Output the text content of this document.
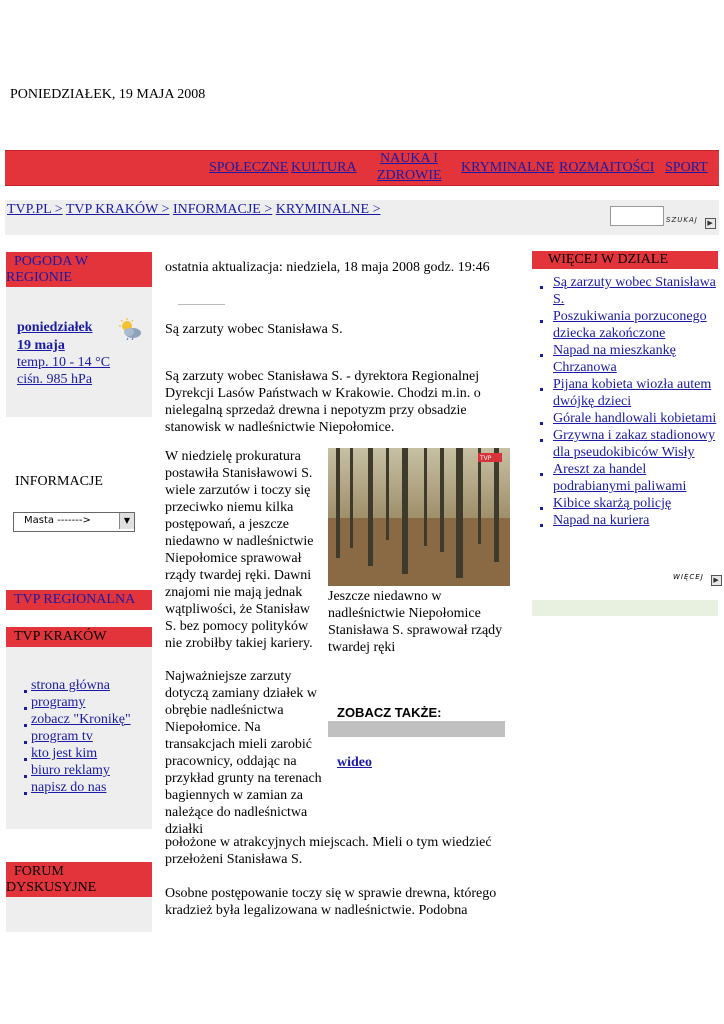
PONIEDZIAŁEK, 19 MAJA 2008
SPOŁECZNE KULTURA
NAUKA I
ZDROWIE
KRYMINALNE ROZMAITOŚCI SPORT
TVP.PL > TVP KRAKÓW > INFORMACJE > KRYMINALNE >
SZUKAJ ▶
POGODA W
REGIONIE
poniedziałek
19 maja
temp. 10 - 14 °C
ciśn. 985 hPa
INFORMACJE
Masta ------->	▼
TVP REGIONALNA
TVP KRAKÓW
strona główna
programy
zobacz "Kronikę"
program tv
kto jest kim
biuro reklamy
napisz do nas
FORUM
DYSKUSYJNE
ostatnia aktualizacja: niedziela, 18 maja 2008 godz. 19:46
Są zarzuty wobec Stanisława S.
Są zarzuty wobec Stanisława S. - dyrektora Regionalnej Dyrekcji Lasów Państwach w Krakowie. Chodzi m.in. o nielegalną sprzedaż drewna i nepotyzm przy obsadzie stanowisk w nadleśnictwie Niepołomice.
W niedzielę prokuratura postawiła Stanisławowi S. wiele zarzutów i toczy się przeciwko niemu kilka postępowań, a jeszcze niedawno w nadleśnictwie Niepołomice sprawował rządy twardej ręki. Dawni znajomi nie mają jednak wątpliwości, że Stanisław S. bez pomocy polityków nie zrobiłby takiej kariery.
TVP
Jeszcze niedawno w nadleśnictwie Niepołomice Stanisława S. sprawował rządy twardej ręki
Najważniejsze zarzuty dotyczą zamiany działek w obrębie nadleśnictwa Niepołomice. Na transakcjach mieli zarobić pracownicy, oddając na przykład grunty na terenach bagiennych w zamian za należące do nadleśnictwa działki
położone w atrakcyjnych miejscach. Mieli o tym wiedzieć przełożeni Stanisława S.
Osobne postępowanie toczy się w sprawie drewna, którego kradzież była legalizowana w nadleśnictwie. Podobna
ZOBACZ TAKŻE:
wideo
WIĘCEJ W DZIALE
Są zarzuty wobec Stanisława S.
Poszukiwania porzuconego dziecka zakończone
Napad na mieszkankę Chrzanowa
Pijana kobieta wiozła autem dwójkę dzieci
Górale handlowali kobietami
Grzywna i zakaz stadionowy dla pseudokibiców Wisły
Areszt za handel podrabianymi paliwami
Kibice skarżą policję
Napad na kuriera
WIĘCEJ ▶
